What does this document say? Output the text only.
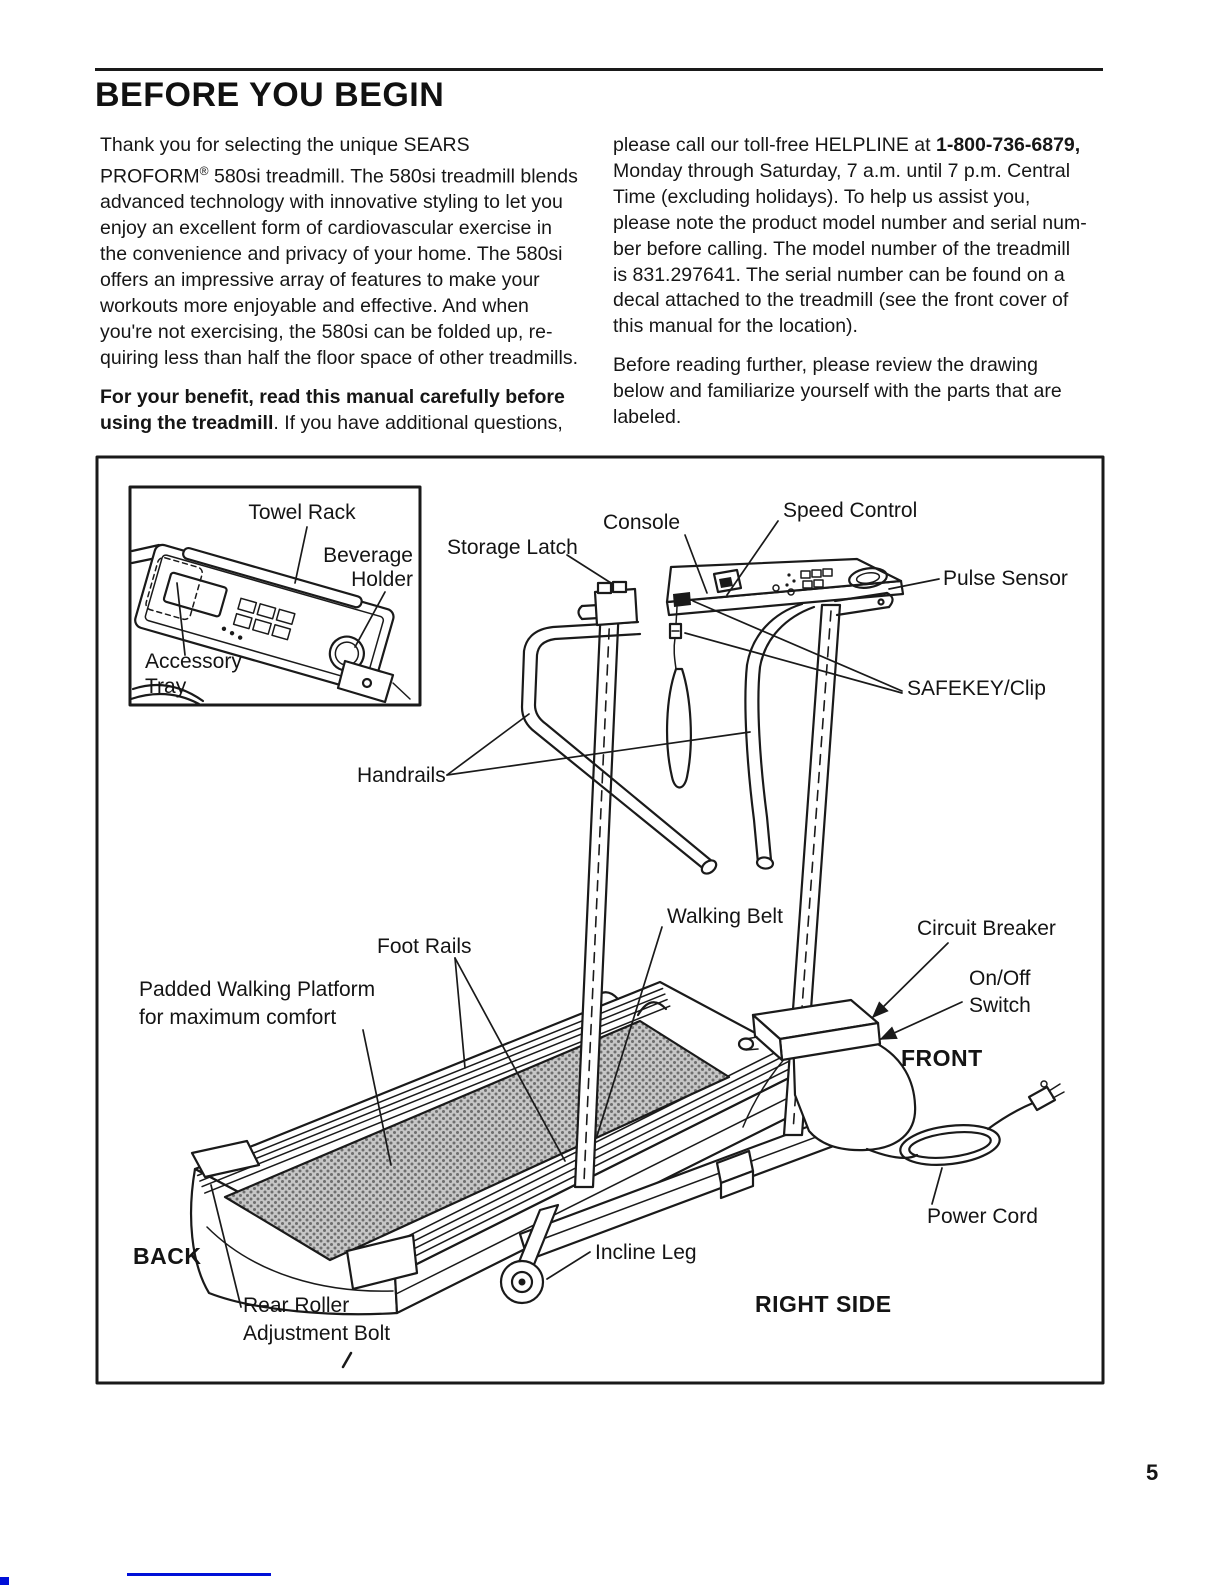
BEFORE YOU BEGIN
Thank you for selecting the unique SEARS
PROFORM® 580si treadmill. The 580si treadmill blends
advanced technology with innovative styling to let you
enjoy an excellent form of cardiovascular exercise in
the convenience and privacy of your home. The 580si
offers an impressive array of features to make your
workouts more enjoyable and effective. And when
you're not exercising, the 580si can be folded up, re-
quiring less than half the floor space of other treadmills.
For your benefit, read this manual carefully before
using the treadmill. If you have additional questions,
please call our toll-free HELPLINE at 1-800-736-6879,
Monday through Saturday, 7 a.m. until 7 p.m. Central
Time (excluding holidays). To help us assist you,
please note the product model number and serial num-
ber before calling. The model number of the treadmill
is 831.297641. The serial number can be found on a
decal attached to the treadmill (see the front cover of
this manual for the location).
Before reading further, please review the drawing
below and familiarize yourself with the parts that are
labeled.
Storage Latch
Console
Speed Control
Pulse Sensor
SAFEKEY/Clip
Handrails
Walking Belt
Foot Rails
Padded Walking Platform
for maximum comfort
Circuit Breaker
On/Off
Switch
FRONT
Power Cord
BACK
Rear Roller
Adjustment Bolt
Incline Leg
RIGHT SIDE
Towel Rack
Beverage
Holder
Accessory
Tray
5
